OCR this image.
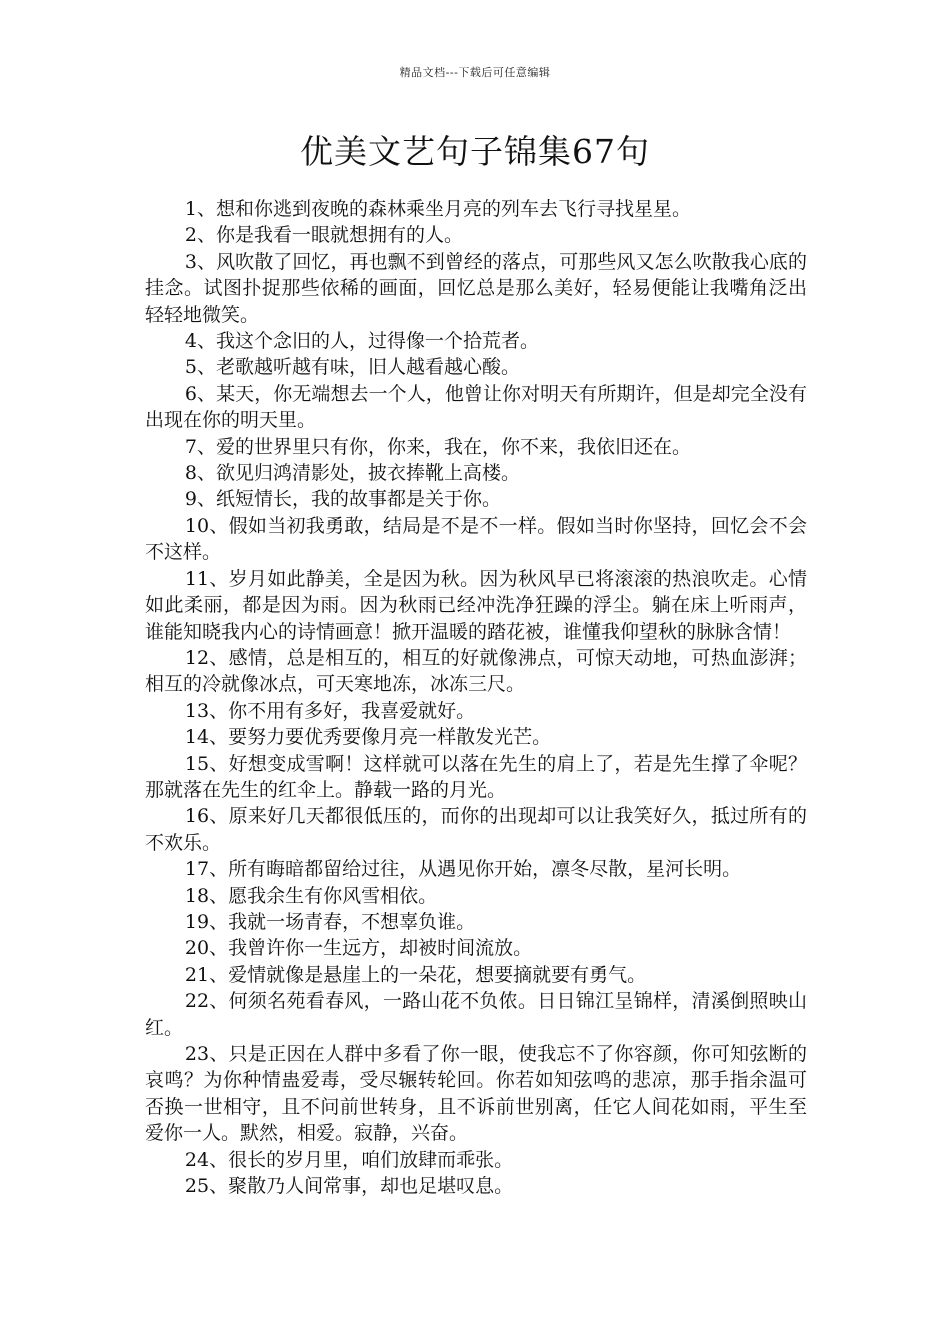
精品文档---下载后可任意编辑
优美文艺句子锦集67句

1、想和你逃到夜晚的森林乘坐月亮的列车去飞行寻找星星。

2、你是我看一眼就想拥有的人。

3、风吹散了回忆，再也飘不到曾经的落点，可那些风又怎么吹散我心底的挂念。试图扑捉那些依稀的画面，回忆总是那么美好，轻易便能让我嘴角泛出轻轻地微笑。

4、我这个念旧的人，过得像一个拾荒者。

5、老歌越听越有味，旧人越看越心酸。

6、某天，你无端想去一个人，他曾让你对明天有所期许，但是却完全没有出现在你的明天里。

7、爱的世界里只有你，你来，我在，你不来，我依旧还在。

8、欲见归鸿清影处，披衣捧靴上高楼。

9、纸短情长，我的故事都是关于你。

10、假如当初我勇敢，结局是不是不一样。假如当时你坚持，回忆会不会不这样。

11、岁月如此静美，全是因为秋。因为秋风早已将滚滚的热浪吹走。心情如此柔丽，都是因为雨。因为秋雨已经冲洗净狂躁的浮尘。躺在床上听雨声，谁能知晓我内心的诗情画意！掀开温暖的踏花被，谁懂我仰望秋的脉脉含情！

12、感情，总是相互的，相互的好就像沸点，可惊天动地，可热血澎湃；相互的冷就像冰点，可天寒地冻，冰冻三尺。

13、你不用有多好，我喜爱就好。

14、要努力要优秀要像月亮一样散发光芒。

15、好想变成雪啊！这样就可以落在先生的肩上了，若是先生撑了伞呢？那就落在先生的红伞上。静载一路的月光。

16、原来好几天都很低压的，而你的出现却可以让我笑好久，抵过所有的不欢乐。

17、所有晦暗都留给过往，从遇见你开始，凛冬尽散，星河长明。

18、愿我余生有你风雪相依。

19、我就一场青春，不想辜负谁。

20、我曾许你一生远方，却被时间流放。

21、爱情就像是悬崖上的一朵花，想要摘就要有勇气。

22、何须名苑看春风，一路山花不负侬。日日锦江呈锦样，清溪倒照映山红。

23、只是正因在人群中多看了你一眼，使我忘不了你容颜，你可知弦断的哀鸣？为你种情蛊爱毒，受尽辗转轮回。你若如知弦鸣的悲凉，那手指余温可否换一世相守，且不问前世转身，且不诉前世别离，任它人间花如雨，平生至爱你一人。默然，相爱。寂静，兴奋。

24、很长的岁月里，咱们放肆而乖张。

25、聚散乃人间常事，却也足堪叹息。
